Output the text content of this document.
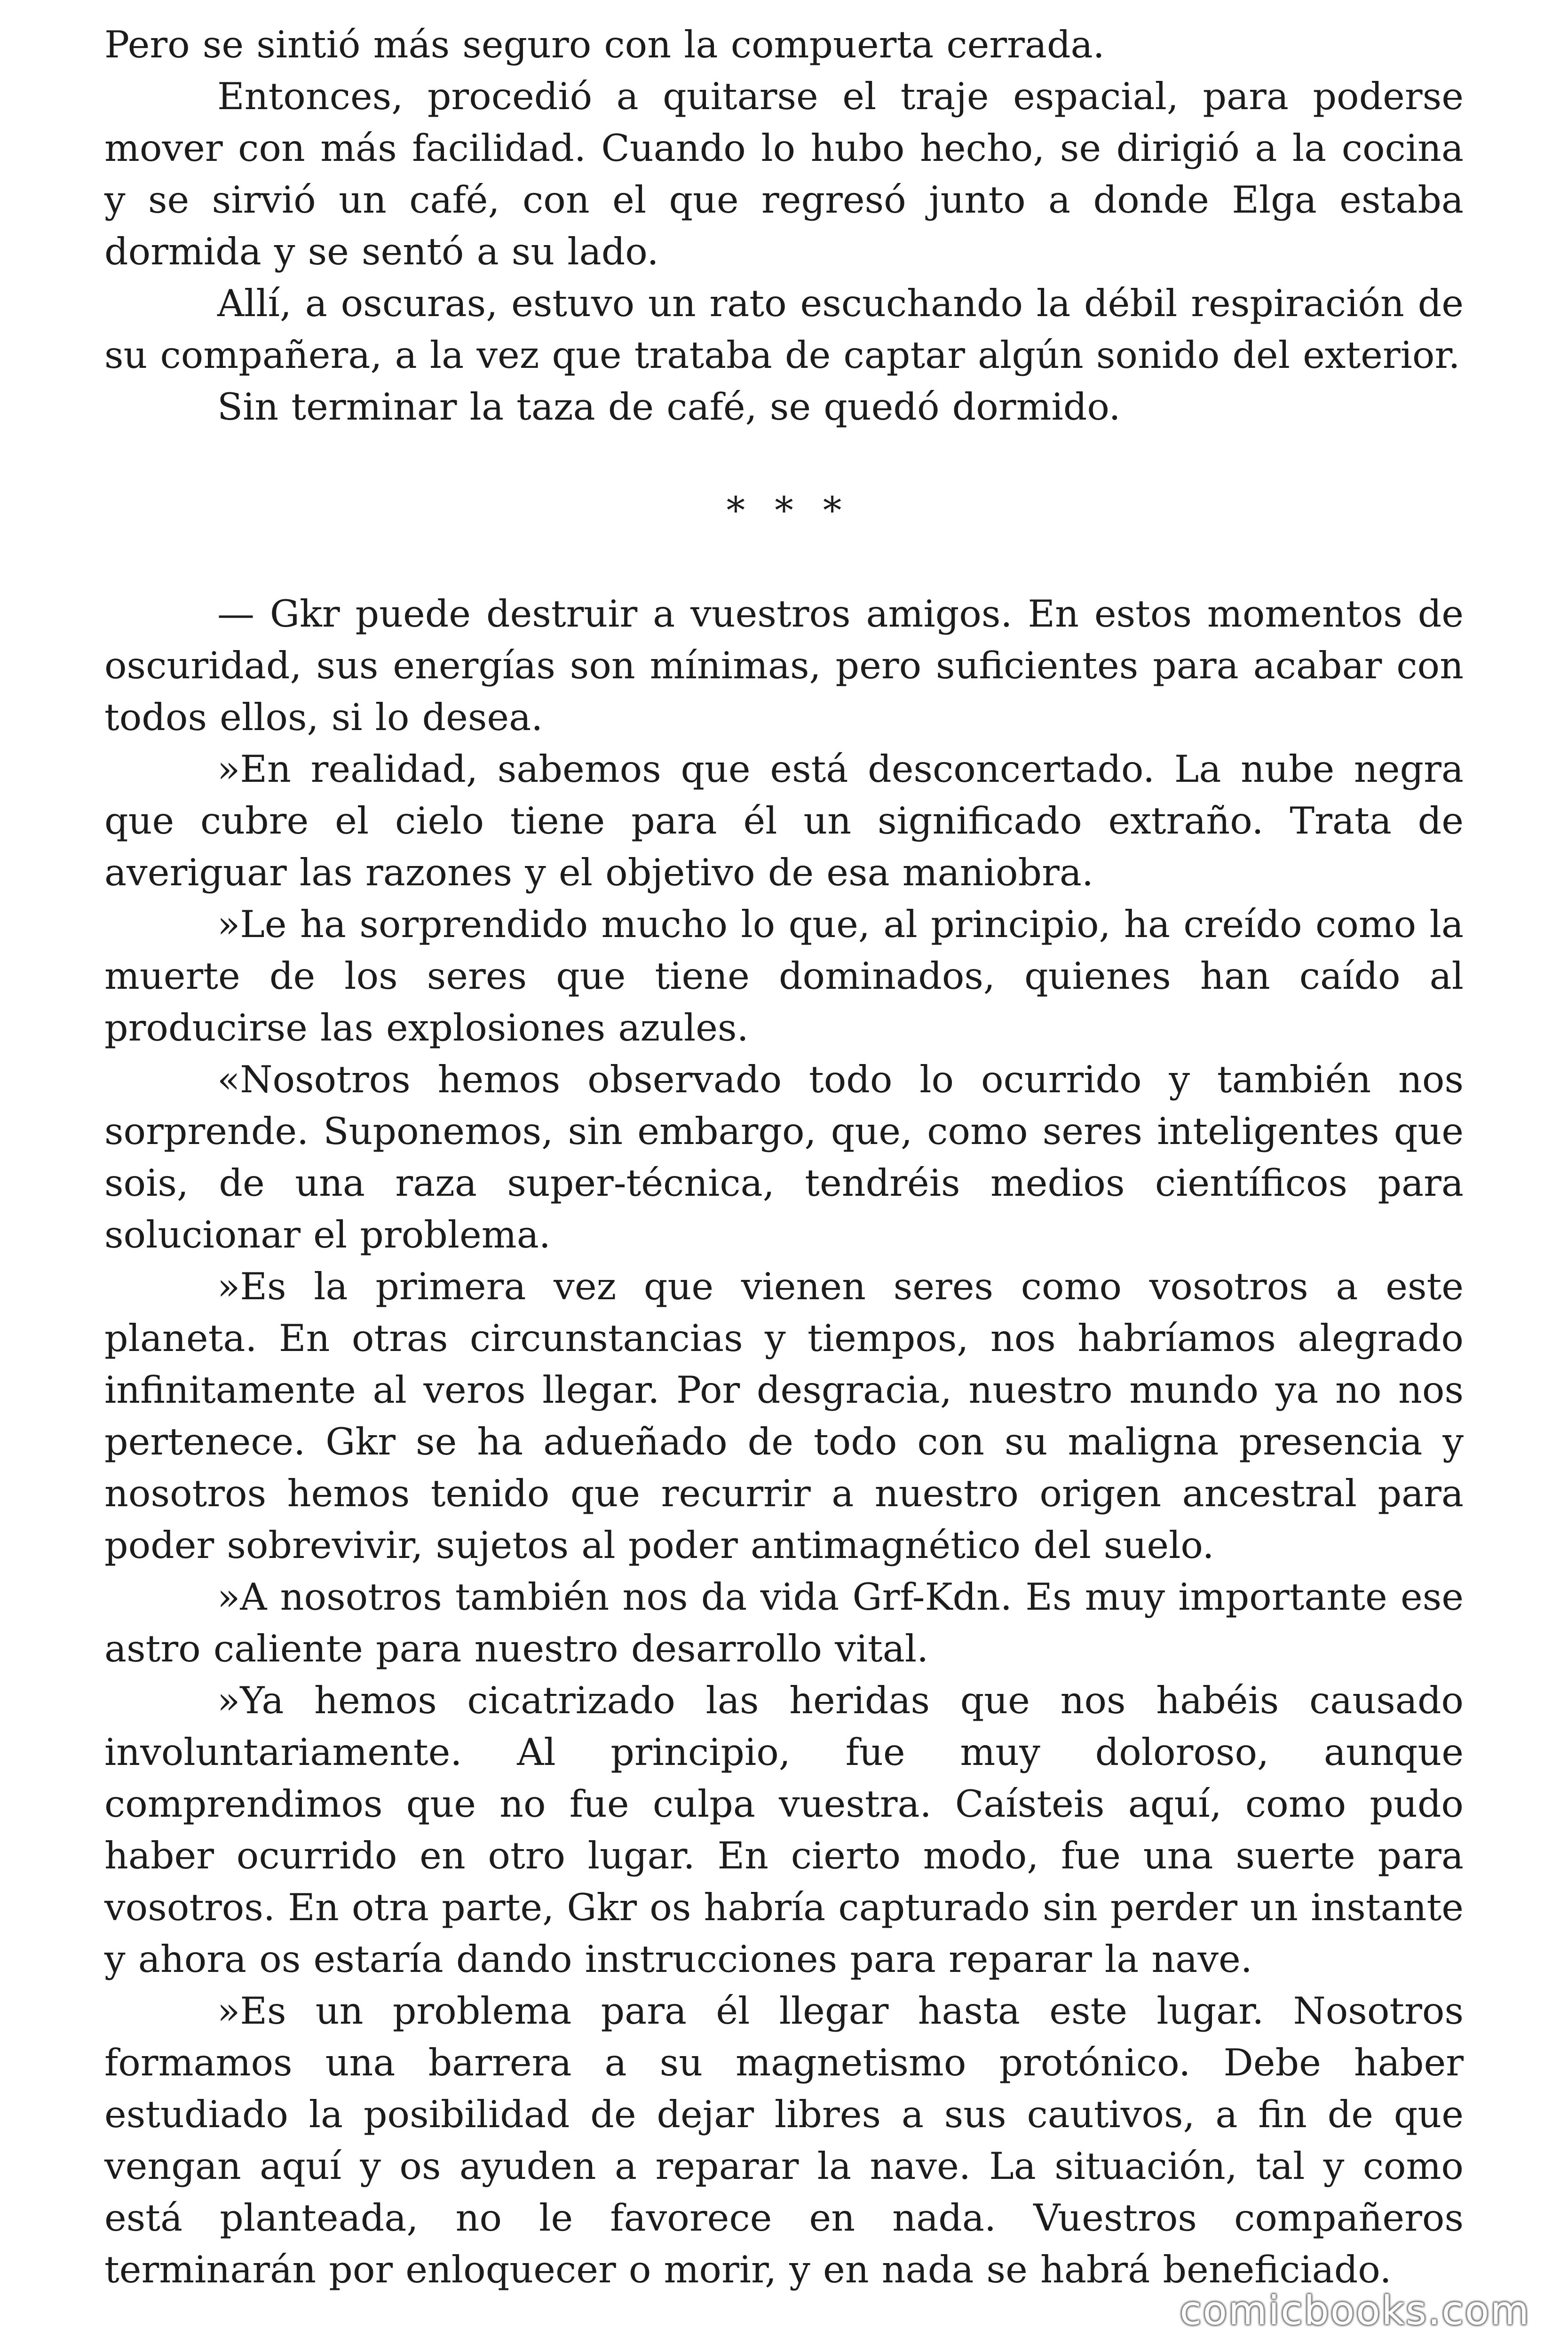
Pero se sintió más seguro con la compuerta cerrada.

Entonces, procedió a quitarse el traje espacial, para poderse mover con más facilidad. Cuando lo hubo hecho, se dirigió a la cocina y se sirvió un café, con el que regresó junto a donde Elga estaba dormida y se sentó a su lado.

Allí, a oscuras, estuvo un rato escuchando la débil respiración de su compañera, a la vez que trataba de captar algún sonido del exterior.

Sin terminar la taza de café, se quedó dormido.

* * *

— Gkr puede destruir a vuestros amigos. En estos momentos de oscuridad, sus energías son mínimas, pero suficientes para acabar con todos ellos, si lo desea.

»En realidad, sabemos que está desconcertado. La nube negra que cubre el cielo tiene para él un significado extraño. Trata de averiguar las razones y el objetivo de esa maniobra.

»Le ha sorprendido mucho lo que, al principio, ha creído como la muerte de los seres que tiene dominados, quienes han caído al producirse las explosiones azules.

«Nosotros hemos observado todo lo ocurrido y también nos sorprende. Suponemos, sin embargo, que, como seres inteligentes que sois, de una raza super-técnica, tendréis medios científicos para solucionar el problema.

»Es la primera vez que vienen seres como vosotros a este planeta. En otras circunstancias y tiempos, nos habríamos alegrado infinitamente al veros llegar. Por desgracia, nuestro mundo ya no nos pertenece. Gkr se ha adueñado de todo con su maligna presencia y nosotros hemos tenido que recurrir a nuestro origen ancestral para poder sobrevivir, sujetos al poder antimagnético del suelo.

»A nosotros también nos da vida Grf-Kdn. Es muy importante ese astro caliente para nuestro desarrollo vital.

»Ya hemos cicatrizado las heridas que nos habéis causado involuntariamente. Al principio, fue muy doloroso, aunque comprendimos que no fue culpa vuestra. Caísteis aquí, como pudo haber ocurrido en otro lugar. En cierto modo, fue una suerte para vosotros. En otra parte, Gkr os habría capturado sin perder un instante y ahora os estaría dando instrucciones para reparar la nave.

»Es un problema para él llegar hasta este lugar. Nosotros formamos una barrera a su magnetismo protónico. Debe haber estudiado la posibilidad de dejar libres a sus cautivos, a fin de que vengan aquí y os ayuden a reparar la nave. La situación, tal y como está planteada, no le favorece en nada. Vuestros compañeros terminarán por enloquecer o morir, y en nada se habrá beneficiado.

comicbooks.com
